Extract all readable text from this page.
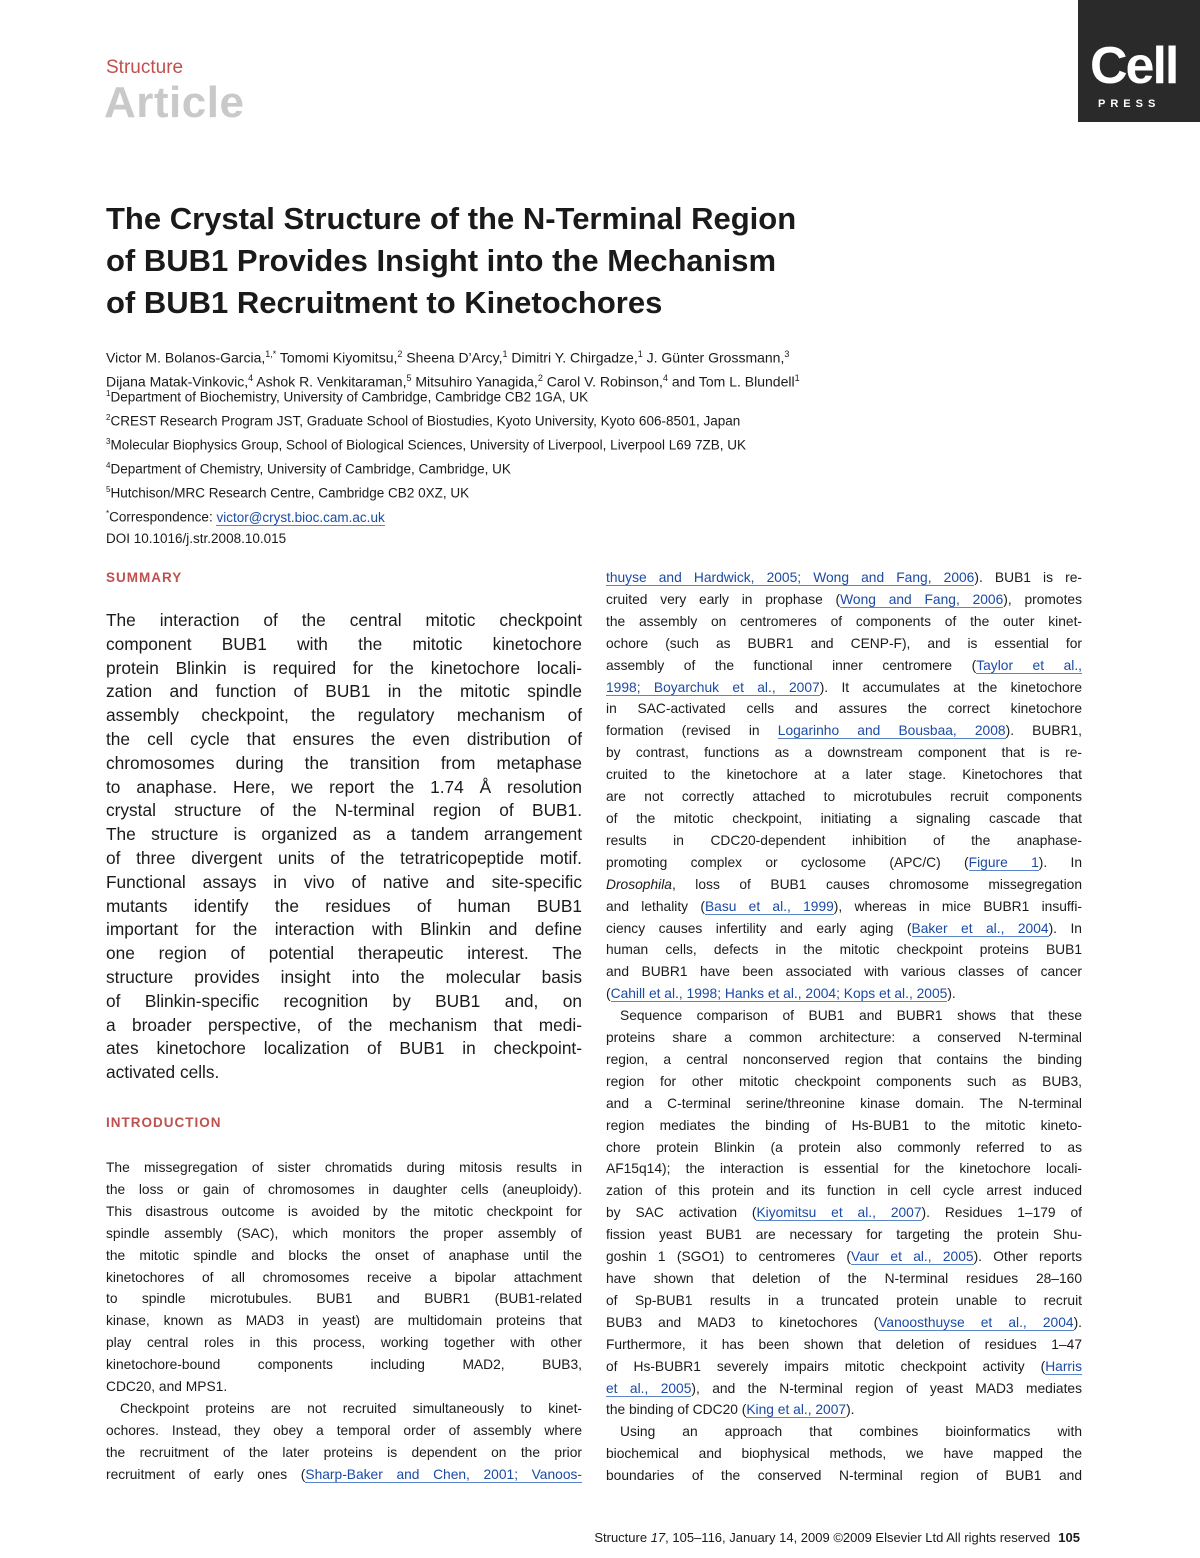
Structure
Article
Cell
PRESS
The Crystal Structure of the N-Terminal Region
of BUB1 Provides Insight into the Mechanism
of BUB1 Recruitment to Kinetochores
Victor M. Bolanos-Garcia,$^{1,*}$ Tomomi Kiyomitsu,$^2$ Sheena D’Arcy,$^1$ Dimitri Y. Chirgadze,$^1$ J. Günter Grossmann,$^3$
Dijana Matak-Vinkovic,$^4$ Ashok R. Venkitaraman,$^5$ Mitsuhiro Yanagida,$^2$ Carol V. Robinson,$^4$ and Tom L. Blundell$^1$
$^1$Department of Biochemistry, University of Cambridge, Cambridge CB2 1GA, UK
$^2$CREST Research Program JST, Graduate School of Biostudies, Kyoto University, Kyoto 606-8501, Japan
$^3$Molecular Biophysics Group, School of Biological Sciences, University of Liverpool, Liverpool L69 7ZB, UK
$^4$Department of Chemistry, University of Cambridge, Cambridge, UK
$^5$Hutchison/MRC Research Centre, Cambridge CB2 0XZ, UK
*Correspondence: victor@cryst.bioc.cam.ac.uk
DOI 10.1016/j.str.2008.10.015
SUMMARY
The interaction of the central mitotic checkpoint
component BUB1 with the mitotic kinetochore
protein Blinkin is required for the kinetochore locali-
zation and function of BUB1 in the mitotic spindle
assembly checkpoint, the regulatory mechanism of
the cell cycle that ensures the even distribution of
chromosomes during the transition from metaphase
to anaphase. Here, we report the 1.74 Å resolution
crystal structure of the N-terminal region of BUB1.
The structure is organized as a tandem arrangement
of three divergent units of the tetratricopeptide motif.
Functional assays in vivo of native and site-specific
mutants identify the residues of human BUB1
important for the interaction with Blinkin and define
one region of potential therapeutic interest. The
structure provides insight into the molecular basis
of Blinkin-specific recognition by BUB1 and, on
a broader perspective, of the mechanism that medi-
ates kinetochore localization of BUB1 in checkpoint-
activated cells.
INTRODUCTION
The missegregation of sister chromatids during mitosis results in
the loss or gain of chromosomes in daughter cells (aneuploidy).
This disastrous outcome is avoided by the mitotic checkpoint for
spindle assembly (SAC), which monitors the proper assembly of
the mitotic spindle and blocks the onset of anaphase until the
kinetochores of all chromosomes receive a bipolar attachment
to spindle microtubules. BUB1 and BUBR1 (BUB1-related
kinase, known as MAD3 in yeast) are multidomain proteins that
play central roles in this process, working together with other
kinetochore-bound components including MAD2, BUB3,
CDC20, and MPS1.
Checkpoint proteins are not recruited simultaneously to kinet-
ochores. Instead, they obey a temporal order of assembly where
the recruitment of the later proteins is dependent on the prior
recruitment of early ones (Sharp-Baker and Chen, 2001; Vanoos-
thuyse and Hardwick, 2005; Wong and Fang, 2006). BUB1 is re-
cruited very early in prophase (Wong and Fang, 2006), promotes
the assembly on centromeres of components of the outer kinet-
ochore (such as BUBR1 and CENP-F), and is essential for
assembly of the functional inner centromere (Taylor et al.,
1998; Boyarchuk et al., 2007). It accumulates at the kinetochore
in SAC-activated cells and assures the correct kinetochore
formation (revised in Logarinho and Bousbaa, 2008). BUBR1,
by contrast, functions as a downstream component that is re-
cruited to the kinetochore at a later stage. Kinetochores that
are not correctly attached to microtubules recruit components
of the mitotic checkpoint, initiating a signaling cascade that
results in CDC20-dependent inhibition of the anaphase-
promoting complex or cyclosome (APC/C) (Figure 1). In
Drosophila, loss of BUB1 causes chromosome missegregation
and lethality (Basu et al., 1999), whereas in mice BUBR1 insuffi-
ciency causes infertility and early aging (Baker et al., 2004). In
human cells, defects in the mitotic checkpoint proteins BUB1
and BUBR1 have been associated with various classes of cancer
(Cahill et al., 1998; Hanks et al., 2004; Kops et al., 2005).
Sequence comparison of BUB1 and BUBR1 shows that these
proteins share a common architecture: a conserved N-terminal
region, a central nonconserved region that contains the binding
region for other mitotic checkpoint components such as BUB3,
and a C-terminal serine/threonine kinase domain. The N-terminal
region mediates the binding of Hs-BUB1 to the mitotic kineto-
chore protein Blinkin (a protein also commonly referred to as
AF15q14); the interaction is essential for the kinetochore locali-
zation of this protein and its function in cell cycle arrest induced
by SAC activation (Kiyomitsu et al., 2007). Residues 1–179 of
fission yeast BUB1 are necessary for targeting the protein Shu-
goshin 1 (SGO1) to centromeres (Vaur et al., 2005). Other reports
have shown that deletion of the N-terminal residues 28–160
of Sp-BUB1 results in a truncated protein unable to recruit
BUB3 and MAD3 to kinetochores (Vanoosthuyse et al., 2004).
Furthermore, it has been shown that deletion of residues 1–47
of Hs-BUBR1 severely impairs mitotic checkpoint activity (Harris
et al., 2005), and the N-terminal region of yeast MAD3 mediates
the binding of CDC20 (King et al., 2007).
Using an approach that combines bioinformatics with
biochemical and biophysical methods, we have mapped the
boundaries of the conserved N-terminal region of BUB1 and
Structure 17, 105–116, January 14, 2009 ©2009 Elsevier Ltd All rights reserved 105
